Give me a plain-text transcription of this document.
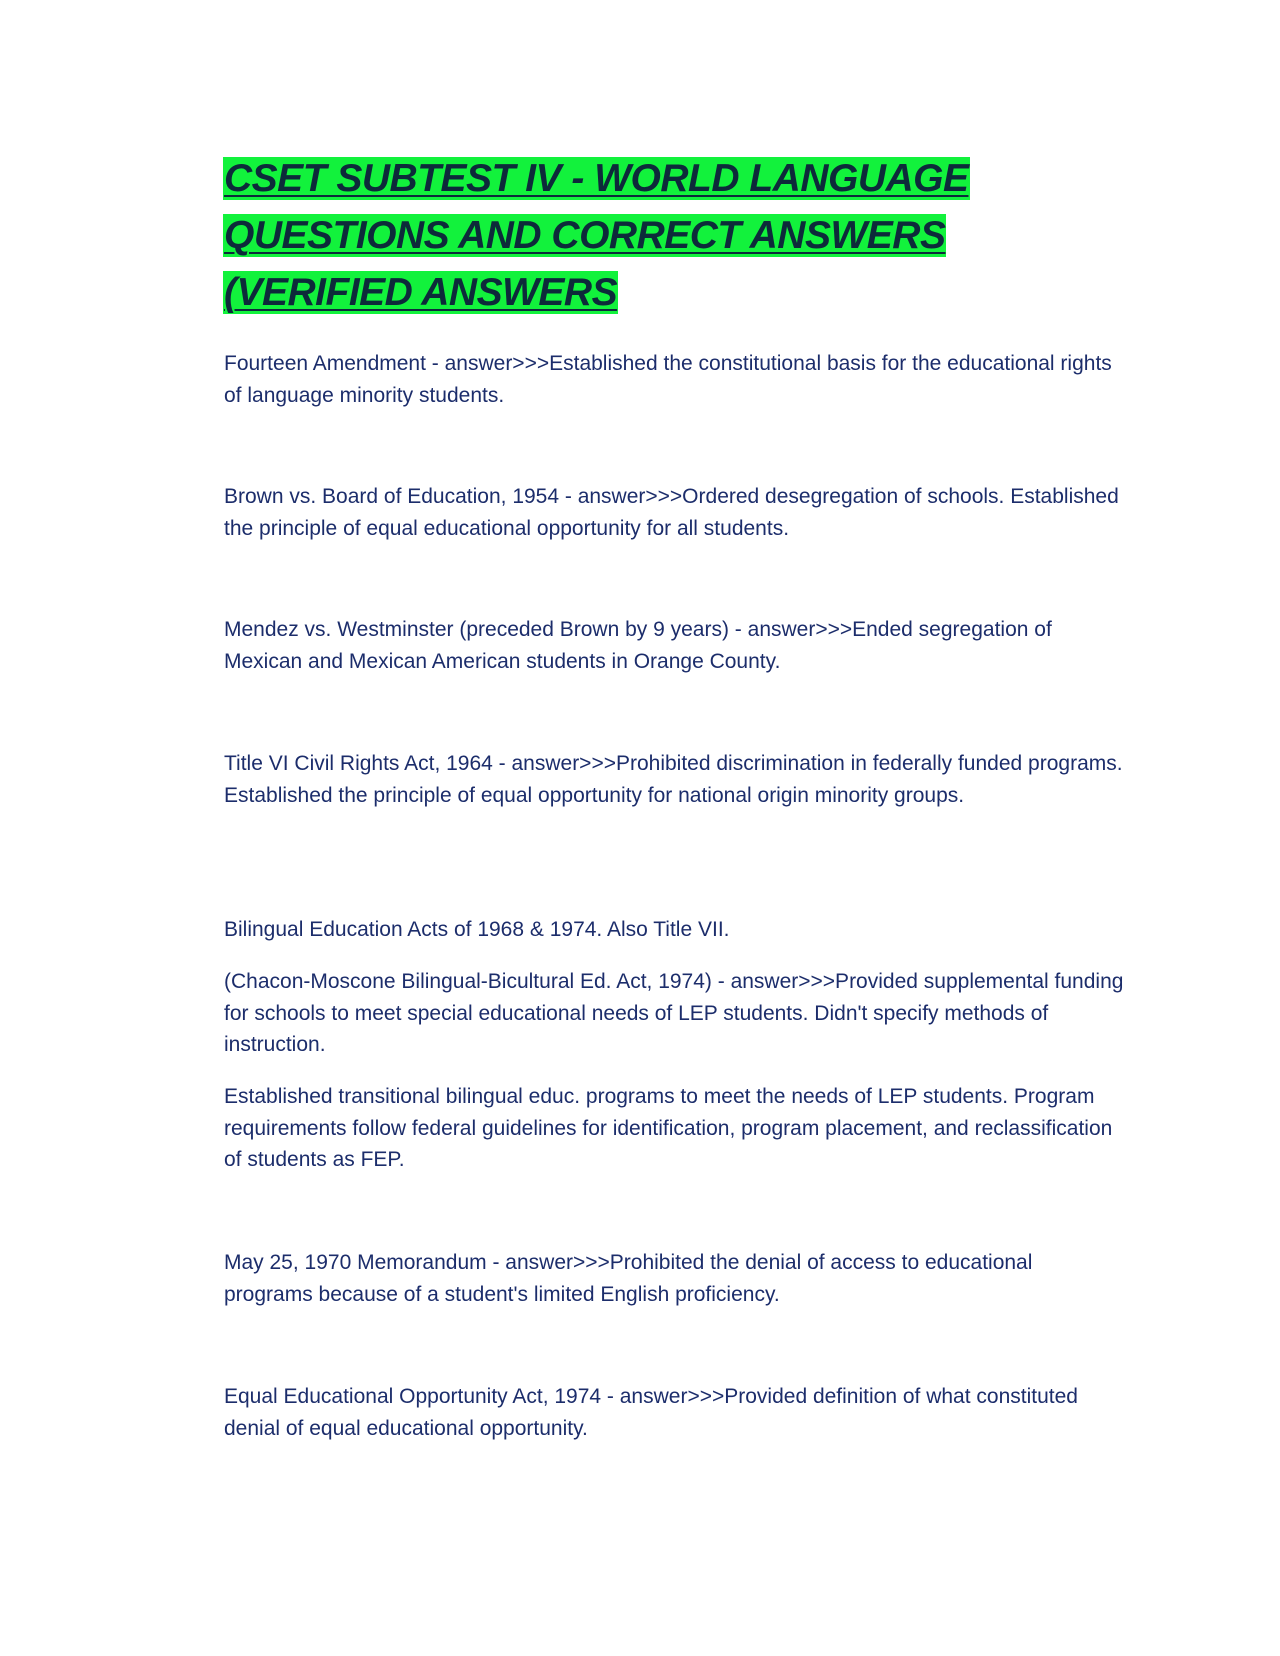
CSET SUBTEST IV - WORLD LANGUAGE
QUESTIONS AND CORRECT ANSWERS
(VERIFIED ANSWERS

Fourteen Amendment - answer>>>Established the constitutional basis for the educational rights of language minority students.

Brown vs. Board of Education, 1954 - answer>>>Ordered desegregation of schools. Established the principle of equal educational opportunity for all students.

Mendez vs. Westminster (preceded Brown by 9 years) - answer>>>Ended segregation of Mexican and Mexican American students in Orange County.

Title VI Civil Rights Act, 1964 - answer>>>Prohibited discrimination in federally funded programs. Established the principle of equal opportunity for national origin minority groups.

Bilingual Education Acts of 1968 & 1974. Also Title VII.

(Chacon-Moscone Bilingual-Bicultural Ed. Act, 1974) - answer>>>Provided supplemental funding for schools to meet special educational needs of LEP students. Didn't specify methods of instruction.

Established transitional bilingual educ. programs to meet the needs of LEP students. Program requirements follow federal guidelines for identification, program placement, and reclassification of students as FEP.

May 25, 1970 Memorandum - answer>>>Prohibited the denial of access to educational programs because of a student's limited English proficiency.

Equal Educational Opportunity Act, 1974 - answer>>>Provided definition of what constituted denial of equal educational opportunity.
